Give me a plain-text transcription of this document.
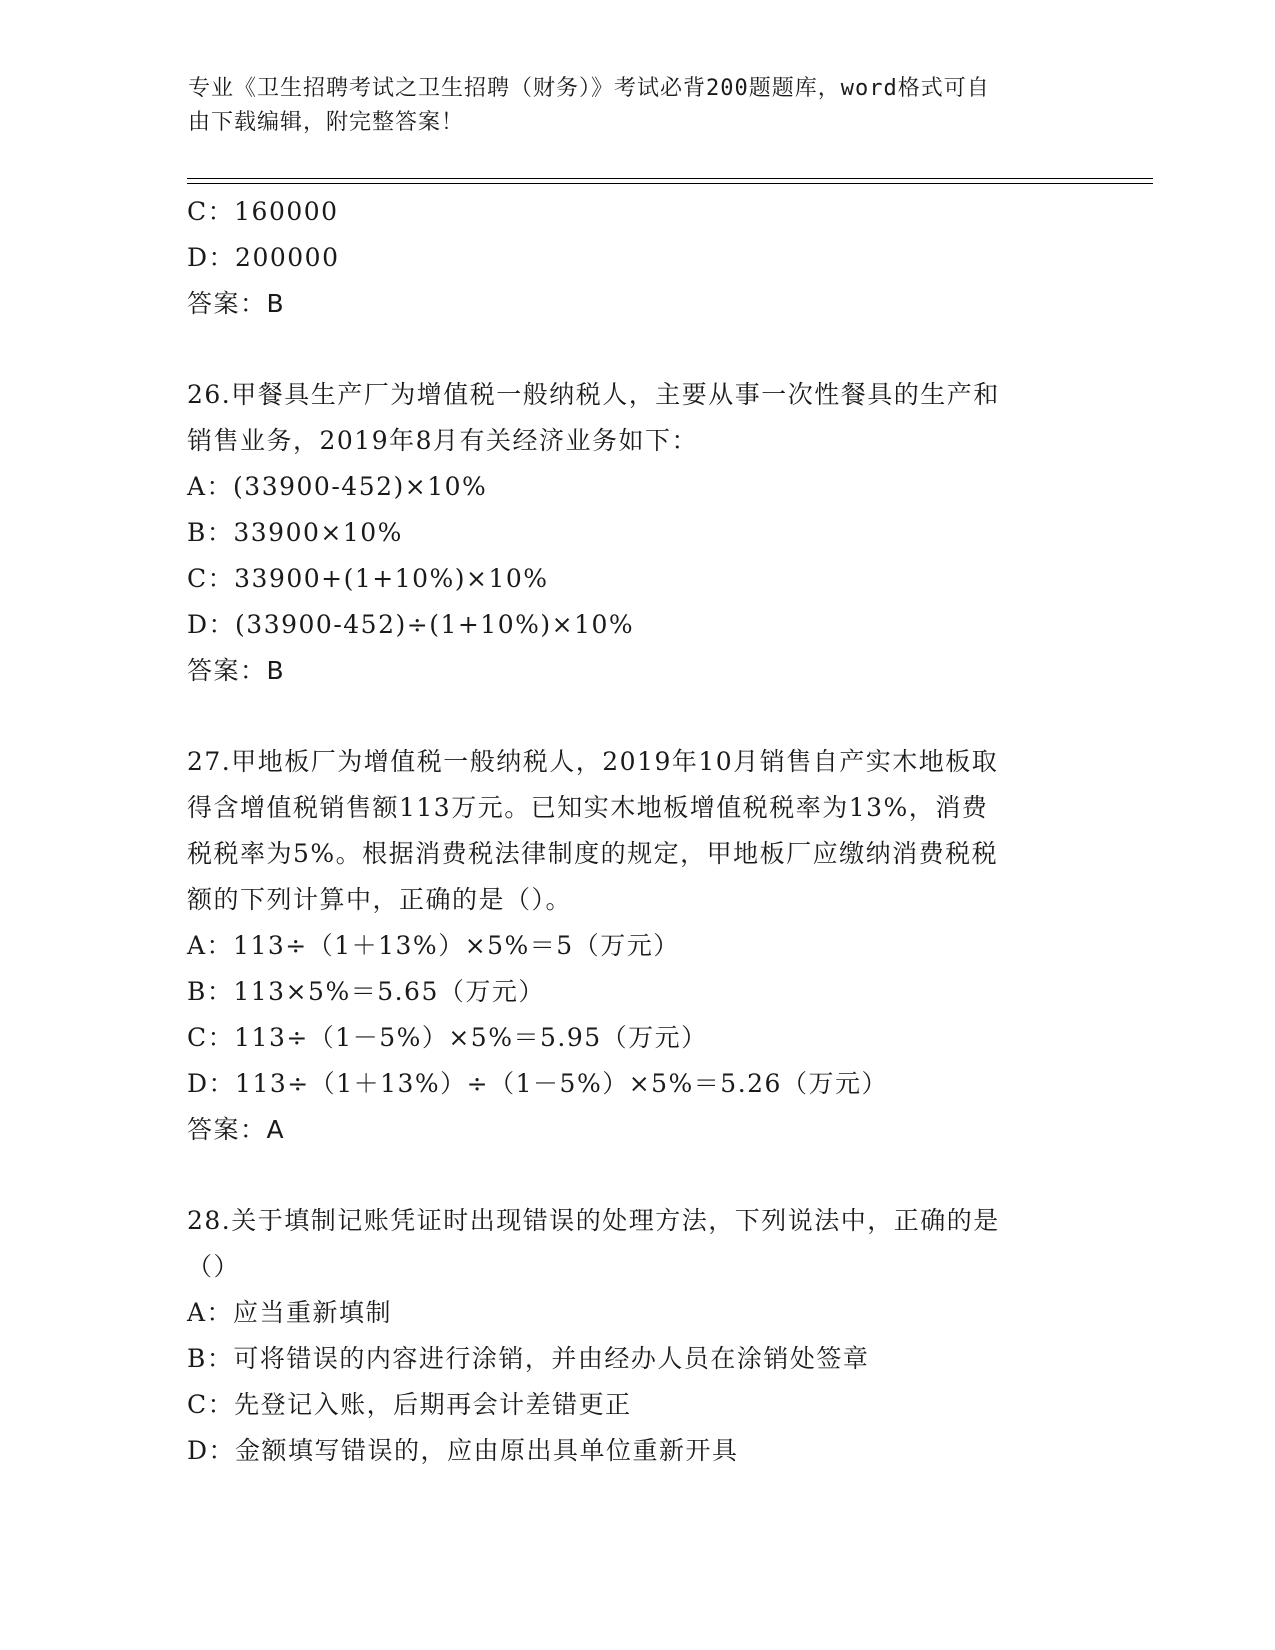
专业《卫生招聘考试之卫生招聘（财务）》考试必背200题题库，word格式可自
由下载编辑，附完整答案！
C：160000
D：200000
答案：B
26.甲餐具生产厂为增值税一般纳税人，主要从事一次性餐具的生产和
销售业务，2019年8月有关经济业务如下：
A：(33900-452)×10%
B：33900×10%
C：33900+(1+10%)×10%
D：(33900-452)÷(1+10%)×10%
答案：B
27.甲地板厂为增值税一般纳税人，2019年10月销售自产实木地板取
得含增值税销售额113万元。已知实木地板增值税税率为13%，消费
税税率为5%。根据消费税法律制度的规定，甲地板厂应缴纳消费税税
额的下列计算中，正确的是（）。
A：113÷（1＋13%）×5%＝5（万元）
B：113×5%＝5.65（万元）
C：113÷（1－5%）×5%＝5.95（万元）
D：113÷（1＋13%）÷（1－5%）×5%＝5.26（万元）
答案：A
28.关于填制记账凭证时出现错误的处理方法，下列说法中，正确的是
（）
A：应当重新填制
B：可将错误的内容进行涂销，并由经办人员在涂销处签章
C：先登记入账，后期再会计差错更正
D：金额填写错误的，应由原出具单位重新开具
